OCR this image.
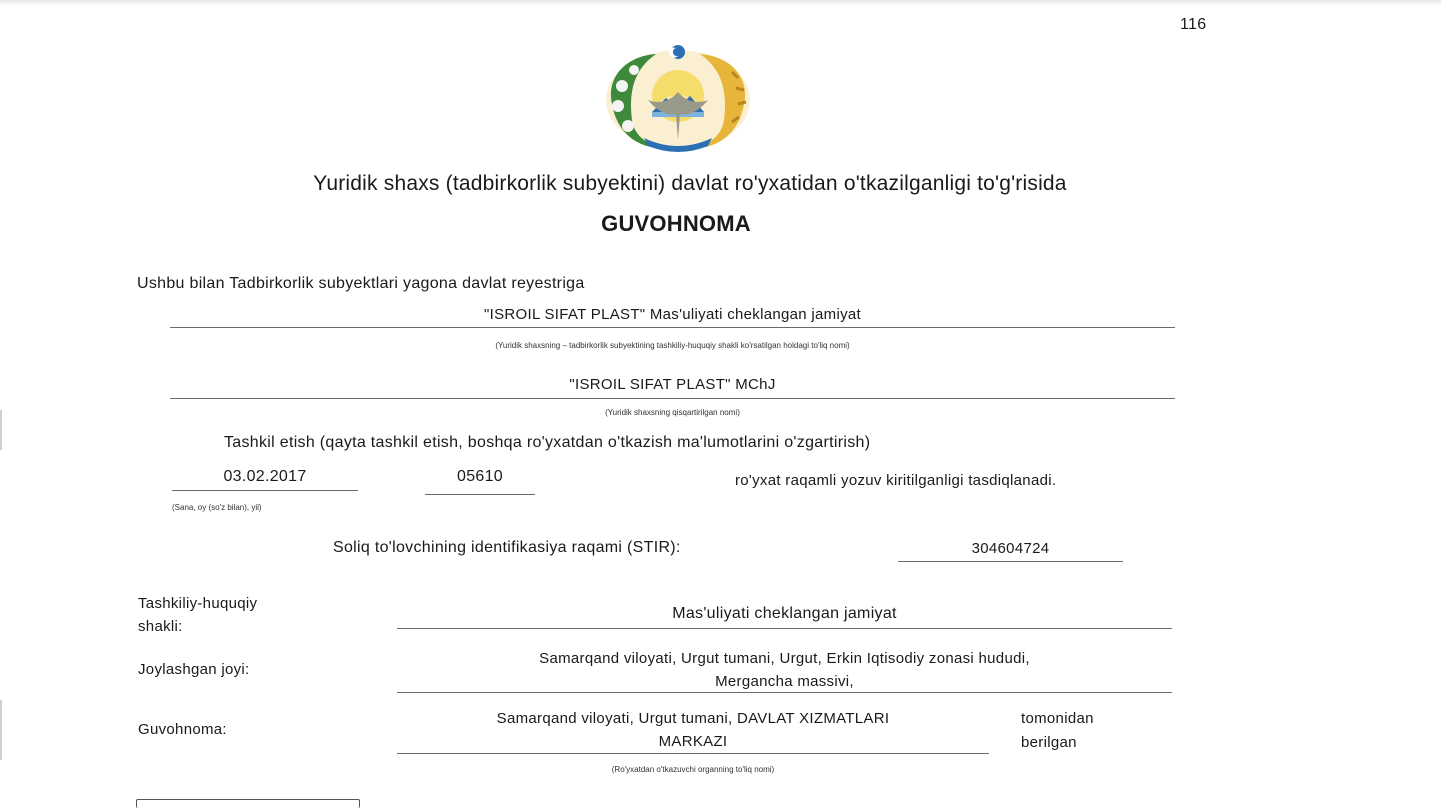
116
Yuridik shaxs (tadbirkorlik subyektini) davlat ro'yxatidan o'tkazilganligi to'g'risida
GUVOHNOMA
Ushbu bilan Tadbirkorlik subyektlari yagona davlat reyestriga
"ISROIL SIFAT PLAST" Mas'uliyati cheklangan jamiyat
(Yuridik shaxsning – tadbirkorlik subyektining tashkiliy-huquqiy shakli ko'rsatilgan holdagi to'liq nomi)
"ISROIL SIFAT PLAST" MChJ
(Yuridik shaxsning qisqartirilgan nomi)
Tashkil etish (qayta tashkil etish, boshqa ro'yxatdan o'tkazish ma'lumotlarini o'zgartirish)
03.02.2017	05610	ro'yxat raqamli yozuv kiritilganligi tasdiqlanadi.
(Sana, oy (so'z bilan), yil)
Soliq to'lovchining identifikasiya raqami (STIR):	304604724
Tashkiliy-huquqiy
shakli:
Mas'uliyati cheklangan jamiyat
Joylashgan joyi:
Samarqand viloyati, Urgut tumani, Urgut, Erkin Iqtisodiy zonasi hududi,
Mergancha massivi,
Guvohnoma:
Samarqand viloyati, Urgut tumani, DAVLAT XIZMATLARI
MARKAZI
tomonidan
berilgan
(Ro'yxatdan o'tkazuvchi organning to'liq nomi)
